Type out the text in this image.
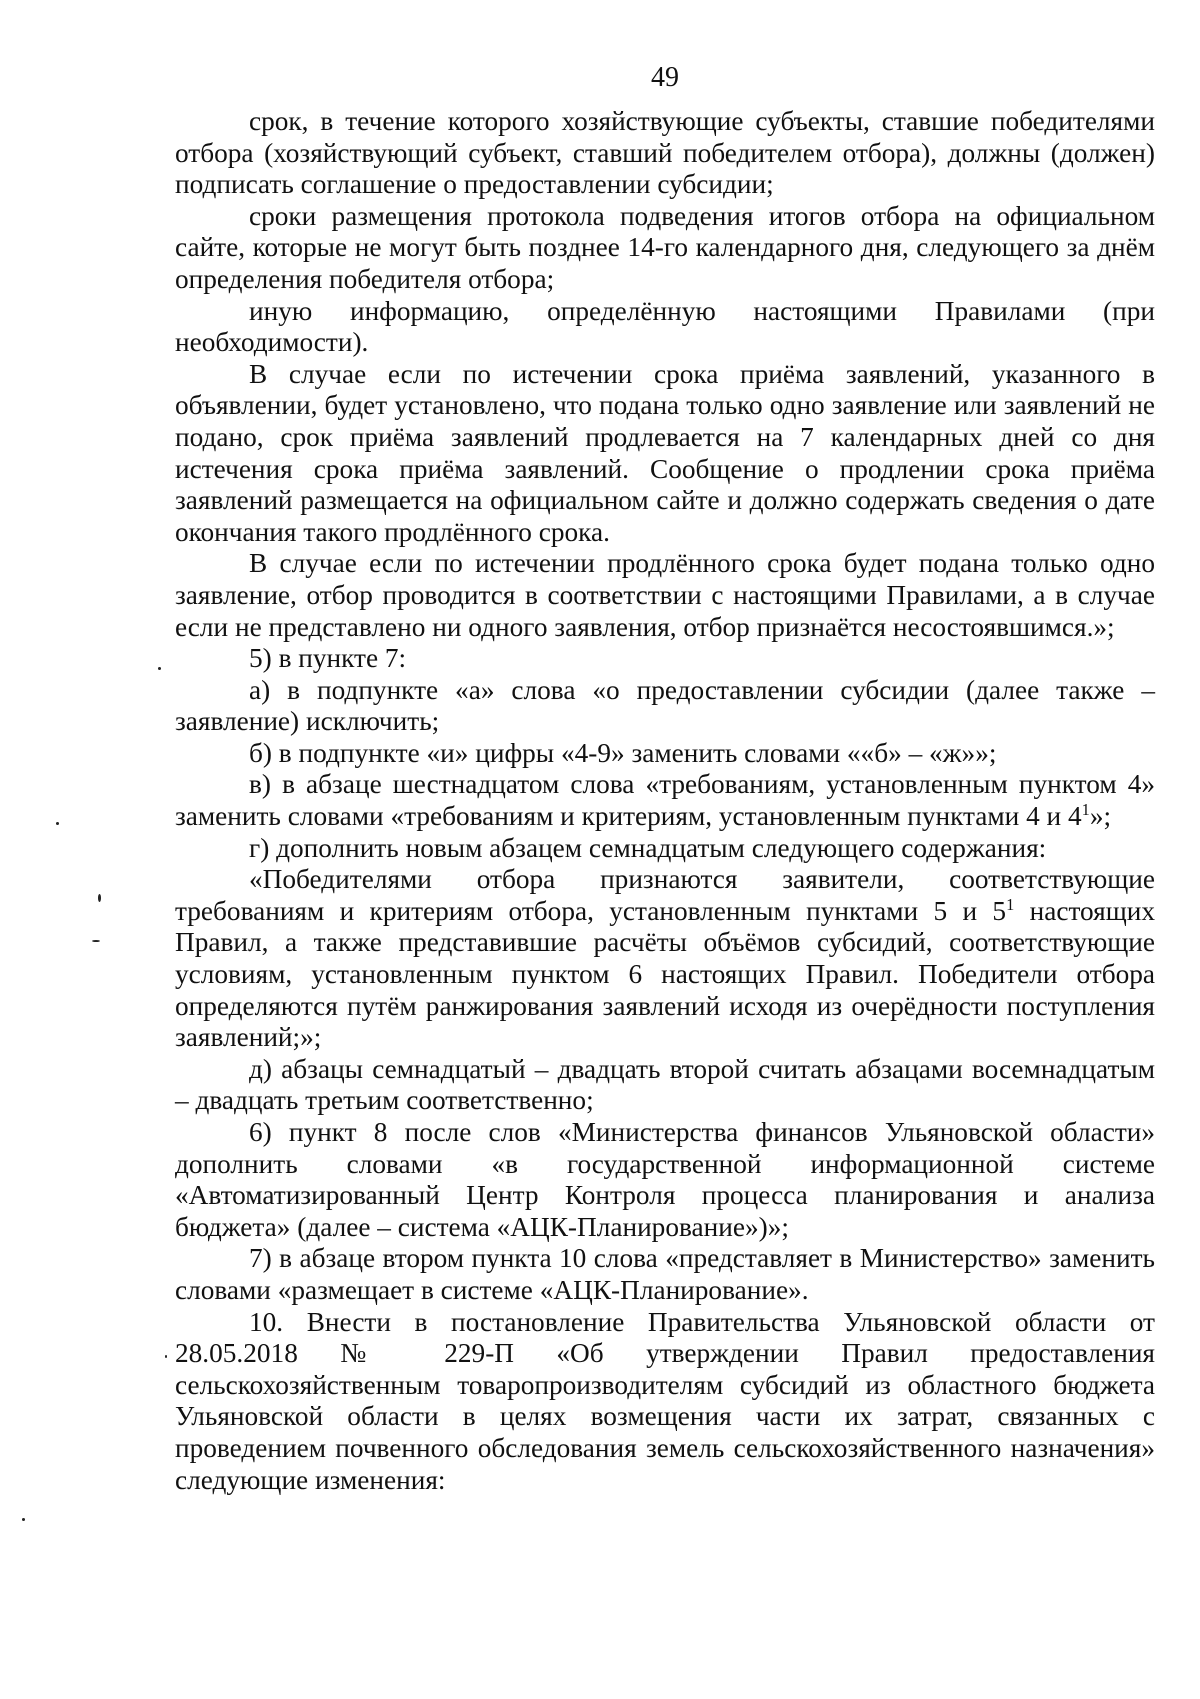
49

срок, в течение которого хозяйствующие субъекты, ставшие победителями отбора (хозяйствующий субъект, ставший победителем отбора), должны (должен) подписать соглашение о предоставлении субсидии;

сроки размещения протокола подведения итогов отбора на официальном сайте, которые не могут быть позднее 14-го календарного дня, следующего за днём определения победителя отбора;

иную информацию, определённую настоящими Правилами (при необходимости).

В случае если по истечении срока приёма заявлений, указанного в объявлении, будет установлено, что подана только одно заявление или заявлений не подано, срок приёма заявлений продлевается на 7 календарных дней со дня истечения срока приёма заявлений. Сообщение о продлении срока приёма заявлений размещается на официальном сайте и должно содержать сведения о дате окончания такого продлённого срока.

В случае если по истечении продлённого срока будет подана только одно заявление, отбор проводится в соответствии с настоящими Правилами, а в случае если не представлено ни одного заявления, отбор признаётся несостоявшимся.»;

5) в пункте 7:

а) в подпункте «а» слова «о предоставлении субсидии (далее также – заявление) исключить;

б) в подпункте «и» цифры «4-9» заменить словами ««б» – «ж»»;

в) в абзаце шестнадцатом слова «требованиям, установленным пунктом 4» заменить словами «требованиям и критериям, установленным пунктами 4 и $4^1$»;

г) дополнить новым абзацем семнадцатым следующего содержания:

«Победителями отбора признаются заявители, соответствующие требованиям и критериям отбора, установленным пунктами 5 и $5^1$ настоящих Правил, а также представившие расчёты объёмов субсидий, соответствующие условиям, установленным пунктом 6 настоящих Правил. Победители отбора определяются путём ранжирования заявлений исходя из очерёдности поступления заявлений;»;

д) абзацы семнадцатый – двадцать второй считать абзацами восемнадцатым – двадцать третьим соответственно;

6) пункт 8 после слов «Министерства финансов Ульяновской области» дополнить словами «в государственной информационной системе «Автоматизированный Центр Контроля процесса планирования и анализа бюджета» (далее – система «АЦК-Планирование»)»;

7) в абзаце втором пункта 10 слова «представляет в Министерство» заменить словами «размещает в системе «АЦК-Планирование».

10. Внести в постановление Правительства Ульяновской области от 28.05.2018 № 229-П «Об утверждении Правил предоставления сельскохозяйственным товаропроизводителям субсидий из областного бюджета Ульяновской области в целях возмещения части их затрат, связанных с проведением почвенного обследования земель сельскохозяйственного назначения» следующие изменения:
